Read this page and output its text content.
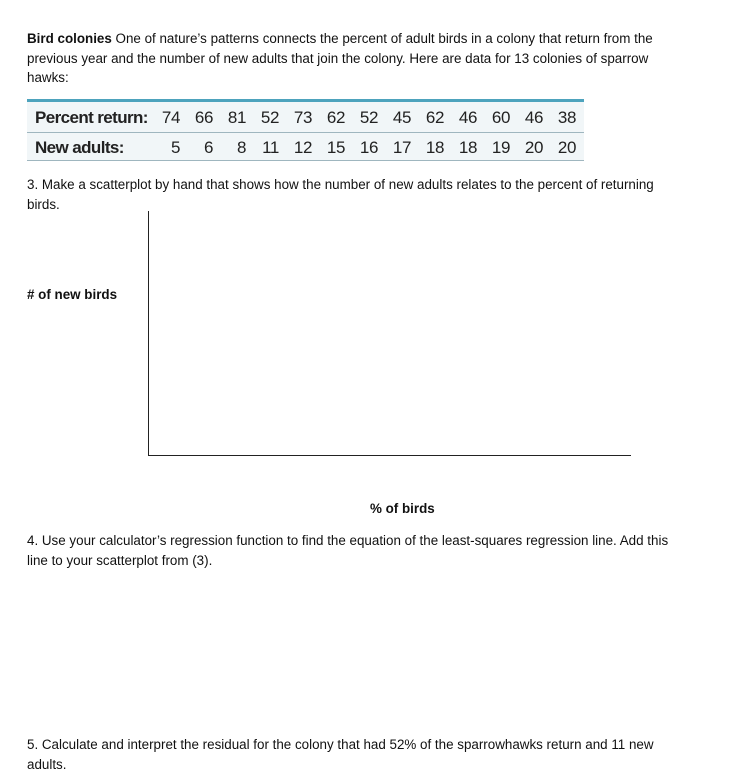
Bird colonies One of nature’s patterns connects the percent of adult birds in a colony that return from the previous year and the number of new adults that join the colony. Here are data for 13 colonies of sparrow hawks:
Percent return: 74 66 81 52 73 62 52 45 62 46 60 46 38
New adults:	5	6	8 11 12 15 16 17 18 18 19 20 20
3. Make a scatterplot by hand that shows how the number of new adults relates to the percent of returning birds.
# of new birds
% of birds
4. Use your calculator’s regression function to find the equation of the least-squares regression line. Add this line to your scatterplot from (3).
5. Calculate and interpret the residual for the colony that had 52% of the sparrowhawks return and 11 new adults.
